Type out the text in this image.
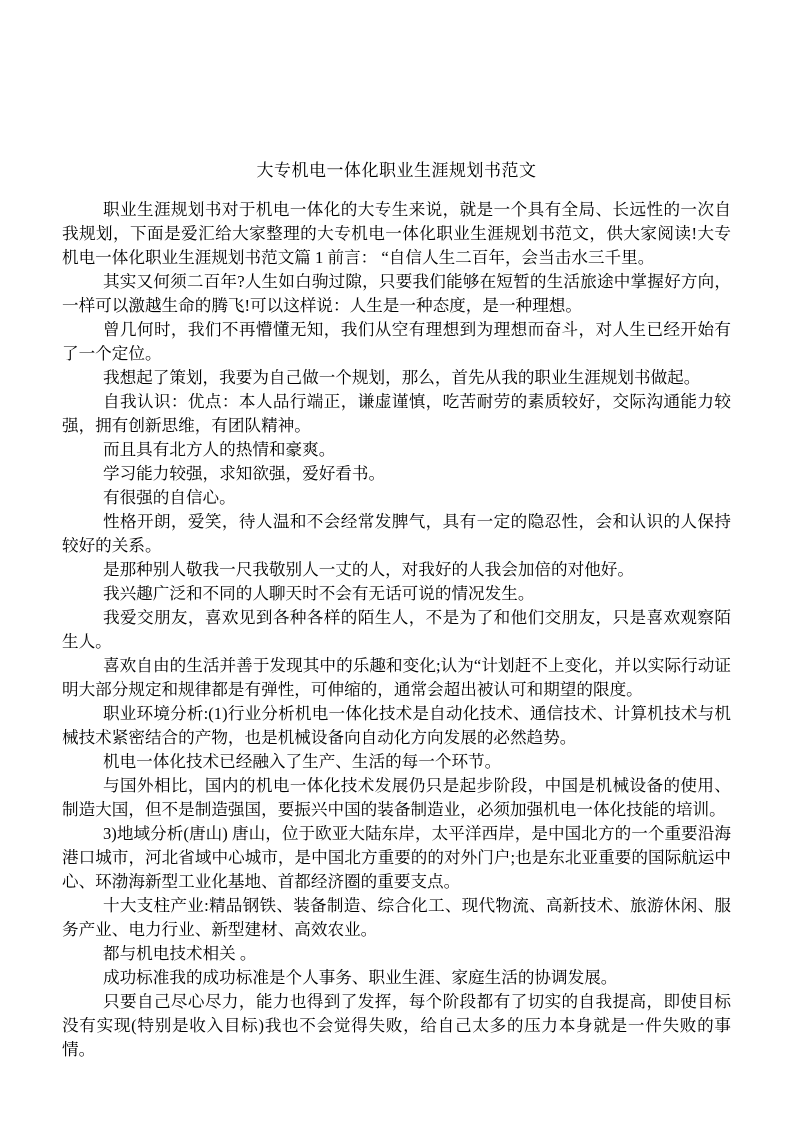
大专机电一体化职业生涯规划书范文

职业生涯规划书对于机电一体化的大专生来说，就是一个具有全局、长远性的一次自我规划，下面是爱汇给大家整理的大专机电一体化职业生涯规划书范文，供大家阅读!大专机电一体化职业生涯规划书范文篇 1 前言： “自信人生二百年，会当击水三千里。

其实又何须二百年?人生如白驹过隙，只要我们能够在短暂的生活旅途中掌握好方向，一样可以激越生命的腾飞!可以这样说：人生是一种态度，是一种理想。

曾几何时，我们不再懵懂无知，我们从空有理想到为理想而奋斗，对人生已经开始有了一个定位。

我想起了策划，我要为自己做一个规划，那么，首先从我的职业生涯规划书做起。

自我认识：优点：本人品行端正，谦虚谨慎，吃苦耐劳的素质较好，交际沟通能力较强，拥有创新思维，有团队精神。

而且具有北方人的热情和豪爽。

学习能力较强，求知欲强，爱好看书。

有很强的自信心。

性格开朗，爱笑，待人温和不会经常发脾气，具有一定的隐忍性，会和认识的人保持较好的关系。

是那种别人敬我一尺我敬别人一丈的人，对我好的人我会加倍的对他好。

我兴趣广泛和不同的人聊天时不会有无话可说的情况发生。

我爱交朋友，喜欢见到各种各样的陌生人，不是为了和他们交朋友，只是喜欢观察陌生人。

喜欢自由的生活并善于发现其中的乐趣和变化;认为“计划赶不上变化，并以实际行动证明大部分规定和规律都是有弹性，可伸缩的，通常会超出被认可和期望的限度。

职业环境分析:(1)行业分析机电一体化技术是自动化技术、通信技术、计算机技术与机械技术紧密结合的产物，也是机械设备向自动化方向发展的必然趋势。

机电一体化技术已经融入了生产、生活的每一个环节。

与国外相比，国内的机电一体化技术发展仍只是起步阶段，中国是机械设备的使用、制造大国，但不是制造强国，要振兴中国的装备制造业，必须加强机电一体化技能的培训。

3)地域分析(唐山) 唐山，位于欧亚大陆东岸，太平洋西岸，是中国北方的一个重要沿海港口城市，河北省域中心城市，是中国北方重要的的对外门户;也是东北亚重要的国际航运中心、环渤海新型工业化基地、首都经济圈的重要支点。

十大支柱产业:精品钢铁、装备制造、综合化工、现代物流、高新技术、旅游休闲、服务产业、电力行业、新型建材、高效农业。

都与机电技术相关 。

成功标准我的成功标准是个人事务、职业生涯、家庭生活的协调发展。

只要自己尽心尽力，能力也得到了发挥，每个阶段都有了切实的自我提高，即使目标没有实现(特别是收入目标)我也不会觉得失败，给自己太多的压力本身就是一件失败的事情。
